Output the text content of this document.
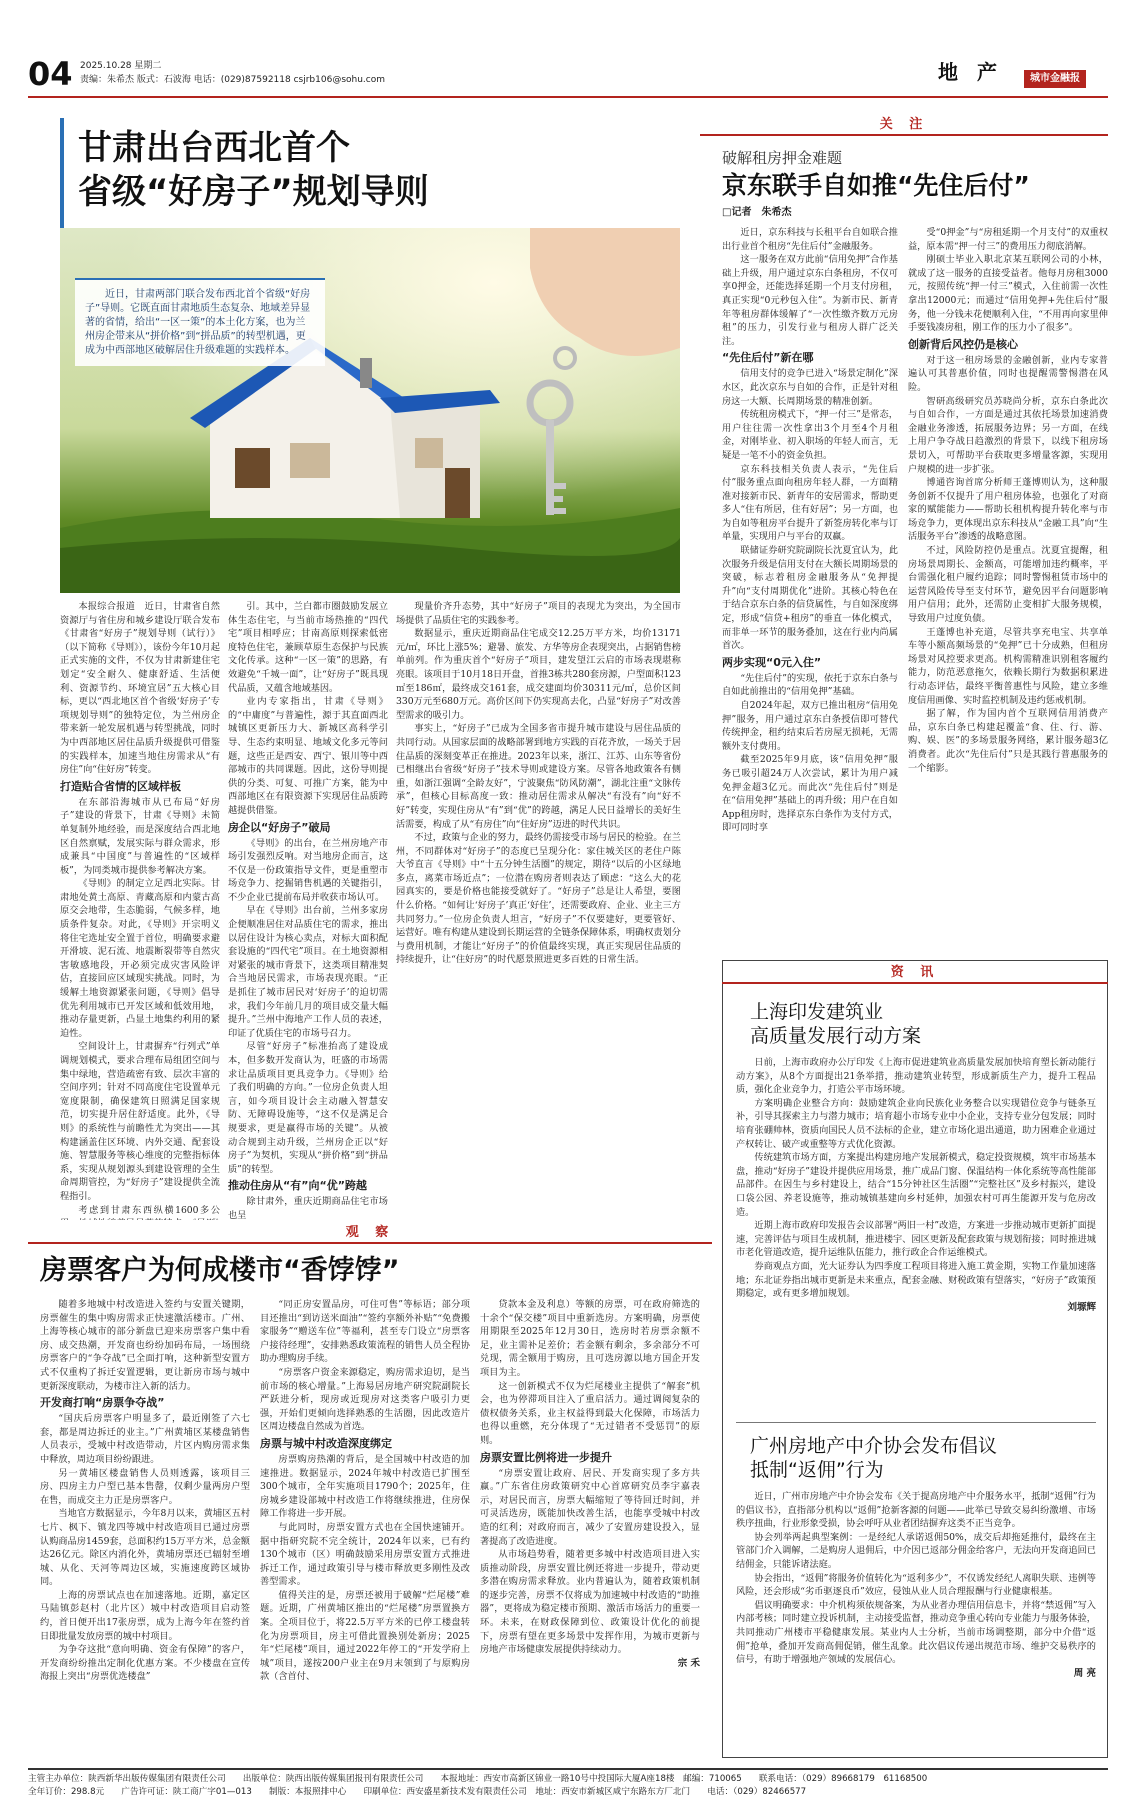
04 2025.10.28 星期二
责编：朱希杰 版式：石波海 电话：(029)87592118 csjrb106@sohu.com	地 产	城市金融报
甘肃出台西北首个
省级“好房子”规划导则

近日，甘肃两部门联合发布西北首个省级“好房子”导则。它既直面甘肃地质生态复杂、地域差异显著的省情，给出“一区一策”的本土化方案，也为兰州房企带来从“拼价格”到“拼品质”的转型机遇，更成为中西部地区破解居住升级难题的实践样本。

本报综合报道　近日，甘肃省自然资源厅与省住房和城乡建设厅联合发布《甘肃省“好房子”规划导则（试行）》（以下简称《导则》），该份今年10月起正式实施的文件，不仅为甘肃新建住宅划定“安全耐久、健康舒适、生活便利、资源节约、环境宜居”五大核心目标，更以“西北地区首个省级‘好房子’专项规划导则”的独特定位，为兰州房企带来新一轮发展机遇与转型挑战，同时为中西部地区居住品质升级提供可借鉴的实践样本，加速当地住房需求从“有房住”向“住好房”转变。

打造贴合省情的区域样板

在东部沿海城市从已布局“好房子”建设的背景下，甘肃《导则》未简单复制外地经验，而是深度结合西北地区自然禀赋，发展实际与群众需求，形成兼具“中国度”与普遍性的“区域样板”，为同类城市提供参考解决方案。

《导则》的制定立足西北实际。甘肃地处黄土高原、青藏高原和内蒙古高原交会地带，生态脆弱，气候多样，地质条件复杂。对此，《导则》开宗明义将住宅选址安全置于首位，明确要求避开滑坡、泥石流、地震断裂带等自然灾害敏感地段，开必须完成灾害风险评估，直接回应区域现实挑战。同时，为缓解土地资源紧张问题，《导则》倡导优先利用城市已开发区域和低效用地，推动存量更新，凸显土地集约利用的紧迫性。

空间设计上，甘肃摒弃“行列式”单调规划模式，要求合理布局组团空间与集中绿地，营造疏密有致、层次丰富的空间序列；针对不同高度住宅设置单元宽度限制，确保建筑日照满足国家规范，切实提升居住舒适度。此外，《导则》的系统性与前瞻性尤为突出——其构建涵盖住区环境、内外交通、配套设施、智慧服务等核心维度的完整指标体系，实现从规划源头到建设管理的全生命周期管控，为“好房子”建设提供全流程指引。

考虑到甘肃东西纵横1600多公

引。其中，兰白都市圈鼓励发展立体生态住宅，与当前市场热推的“四代宅”项目相呼应；甘南高原则探索低密度特色住宅，兼顾草原生态保护与民族文化传承。这种“一区一策”的思路，有效避免“千城一面”，让“好房子”既具现代品质，又蕴含地域基因。

业内专家指出，甘肃《导则》的“中庸度”与普遍性，源于其直面西北城镇区更新压力大、新城区高科学引导、生态约束明显、地域文化多元等问题，这些正是西安、西宁、银川等中西部城市的共同课题。因此，这份导则提供的分类、可复、可推广方案，能为中西部地区在有限资源下实现居住品质跨越提供借鉴。

房企以“好房子”破局

《导则》的出台，在兰州房地产市场引发强烈反响。对当地房企而言，这不仅是一份政策指导文件，更是重塑市场竞争力、挖掘销售机遇的关键指引，不少企业已提前布局并收获市场认可。

早在《导则》出台前，兰州多家房企便顺准居住对品质住宅的需求，推出以居住设计为核心卖点，对标大面积配套设施的“四代宅”项目。在土地资源相对紧张的城市背景下，这类项目精准契合当地居民需求，市场表现亮眼。“正是抓住了城市居民对‘好房子’的迫切需求，我们今年前几月的项目成交量大幅提升。”兰州中海地产工作人员的表述，印证了优质住宅的市场号召力。

尽管“好房子”标准抬高了建设成本，但多数开发商认为，旺盛的市场需求让品质项目更具竞争力。《导则》给了我们明确的方向。”一位房企负责人坦言，如今项目设计会主动融入智慧安防、无障碍设施等，“这不仅是满足合规要求，更是赢得市场的关键”。从被动合规到主动升级，兰州房企正以“好房子”为契机，实现从“拼价格”到“拼品质”的转型。

推动住房从“有”向“优”跨越

除甘肃外，重庆近期商品住宅市场也呈

现量价齐升态势，其中“好房子”项目的表现尤为突出，为全国市场提供了品质住宅的实践参考。

数据显示，重庆近期商品住宅成交12.25万平方米，均价13171元/㎡，环比上涨5%；避暑、旅发、方华等房企表现突出，占据销售榜单前列。作为重庆首个“好房子”项目，建发望江云启的市场表现堪称亮眼。该项目于10月18日开盘，首推3栋共280套房源，户型面积123㎡至186㎡，最终成交161套，成交建面均价30311元/㎡，总价区间330万元至680万元。高价区间下仍实现高去化，凸显“好房子”对改善型需求的吸引力。

事实上，“好房子”已成为全国多省市提升城市建设与居住品质的共同行动。从国家层面的战略部署到地方实践的百花齐放，一场关于居住品质的深刻变革正在推进。2023年以来，浙江、江苏、山东等省份已相继出台省级“好房子”技术导则或建设方案。尽管各地政策各有侧重，如浙江强调“全龄友好”，宁波聚焦“防风防潮”，湖北注重“文脉传承”，但核心目标高度一致：推动居住需求从解决“有没有”向“好不好”转变，实现住房从“有”到“优”的跨越，满足人民日益增长的美好生活需要，构成了从“有房住”向“住好房”迈进的时代共识。

不过，政策与企业的努力，最终仍需接受市场与居民的检验。在兰州，不同群体对“好房子”的态度已呈现分化：家住城关区的老住户陈大爷直言《导则》中“十五分钟生活圈”的规定，期待“以后的小区绿地多点，离菜市场近点”；一位潜在购房者则表达了顾虑：“这么大的花园真实的，要是价格也能接受就好了。“好房子”总是让人希望，要图什么价格。“如何让‘好房子’真正‘好住’，还需要政府、企业、业主三方共同努力。”一位房企负责人坦言，“好房子”不仅要建好，更要管好、运营好。唯有构建从建设到长期运营的全链条保障体系，明确权责划分与费用机制，才能让“好房子”的价值最终实现，真正实现居住品质的持续提升，让“住好房”的时代愿景照进更多百姓的日常生活。

关 注
破解租房押金难题
京东联手自如推“先住后付”
□记者　朱希杰

近日，京东科技与长租平台自如联合推出行业首个租房“先住后付”金融服务。

这一服务在双方此前“信用免押”合作基础上升级，用户通过京东白条租房，不仅可享0押金，还能选择延期一个月支付房租，真正实现“0元秒包入住”。为新市民、新青年等租房群体缓解了“一次性缴齐数万元房租”的压力，引发行业与租房人群广泛关注。

“先住后付”新在哪

信用支付的竞争已进入“场景定制化”深水区，此次京东与自如的合作，正是针对租房这一大额、长周期场景的精准创新。

传统租房模式下，“押一付三”是常态，用户往往需一次性拿出3个月至4个月租金，对刚毕业、初入职场的年轻人而言，无疑是一笔不小的资金负担。

京东科技相关负责人表示，“先住后付”服务重点面向租房年轻人群，一方面精准对接新市民、新青年的安居需求，帮助更多人“住有所居，住有好居”；另一方面，也为自如等租房平台提升了新签房转化率与订单量，实现用户与平台的双赢。

联储证券研究院副院长沈夏宜认为，此次服务升级是信用支付在大额长周期场景的突破，标志着租房金融服务从“免押提升”向“支付周期优化”进阶。其核心特色在于结合京东白条的信贷属性，与自如深度绑定，形成“信贷+租房”的垂直一体化模式，而非单一环节的服务叠加，这在行业内尚属首次。

两步实现“0元入住”

“先住后付”的实现，依托于京东白条与自如此前推出的“信用免押”基础。

自2024年起，双方已推出租房“信用免押”服务，用户通过京东白条授信即可替代传统押金，租约结束后若房屋无损耗，无需额外支付费用。

截至2025年9月底，该“信用免押”服务已吸引超24万人次尝试，累计为用户减免押金超3亿元。而此次“先住后付”则是在“信用免押”基础上的再升级；用户在自如App租房时，选择京东白条作为支付方式，即可同时享

受“0押金”与“房租延期一个月支付”的双重权益，原本需“押一付三”的费用压力彻底消解。

刚硕士毕业入职北京某互联网公司的小林，就成了这一服务的直接受益者。他每月房租3000元，按照传统“押一付三”模式，入住前需一次性拿出12000元；而通过“信用免押+先住后付”服务，他一分钱未花便顺利入住，“不用再向家里伸手要钱凑房租，刚工作的压力小了很多”。

创新背后风控仍是核心

对于这一租房场景的金融创新，业内专家普遍认可其普惠价值，同时也提醒需警惕潜在风险。

智研高级研究员苏晓尚分析，京东白条此次与自如合作，一方面是通过其依托场景加速消费金融业务渗透，拓展服务边界；另一方面，在线上用户争夺战日趋激烈的背景下，以线下租房场景切入，可帮助平台获取更多增量客源，实现用户规模的进一步扩张。

博通咨询首席分析师王蓬博则认为，这种服务创新不仅提升了用户租房体验，也强化了对商家的赋能能力——帮助长租机构提升转化率与市场竞争力，更体现出京东科技从“金融工具”向“生活服务平台”渗透的战略意图。

不过，风险防控仍是重点。沈夏宜提醒，租房场景周期长、金额高，可能增加违约概率，平台需强化租户履约追踪；同时警惕租赁市场中的运营风险传导至支付环节，避免因平台问题影响用户信用；此外，还需防止变相扩大服务规模，导致用户过度负债。

王蓬博也补充道，尽管共享充电宝、共享单车等小额高频场景的“免押”已十分成熟，但租房场景对风控要求更高。机构需精准识别租客履约能力，防范恶意拖欠，依赖长期行为数据积累进行动态评估，最终平衡普惠性与风险，建立多维度信用画像、实时监控机制及违约惩戒机制。

据了解，作为国内首个互联网信用消费产品，京东白条已构建起覆盖“食、住、行、游、购、娱、医”的多场景服务网络，累计服务超3亿消费者。此次“先住后付”只是其践行普惠服务的一个缩影。

资 讯
上海印发建筑业
高质量发展行动方案

日前，上海市政府办公厅印发《上海市促进建筑业高质量发展加快培育塑长新动能行动方案》，从8个方面提出21条举措，推动建筑业转型，形成新质生产力，提升工程品质，强化企业竞争力，打造公平市场环境。

方案明确企业整合方向：鼓励建筑企业向民族化业务整合以实现错位竞争与链条互补，引导其探索主力与潜力城市；培育超小市场专业中小企业，支持专业分包发展；同时培育张硼帅林，资质向国民人员不法标的企业，建立市场化退出通道，助力困难企业通过产权转让、破产或重整等方式优化资源。

传统建筑市场方面，方案提出构建房地产发展新模式，稳定投资规模，筑牢市场基本盘，推动“好房子”建设并提供应用场景，推广成品门窗、保温结构一体化系统等高性能部品部件。在因生与乡村建设上，结合“15分钟社区生活圈”“完整社区”及乡村振兴，建设口袋公园、养老设施等，推动城镇基建向乡村延伸，加强农村可再生能源开发与危房改造。

近期上海市政府印发报告会议部署“两旧一村”改造，方案进一步推动城市更新扩面提速，完善评估与项目生成机制，推进楼宇、园区更新及配套政策与规划衔接；同时推进城市老化管道改造，提升运维队伍能力，推行政企合作运维模式。

券商观点方面，光大证券认为四季度工程项目将进入施工黄金期，实物工作量加速落地；东北证券指出城市更新是未来重点，配套金融、财税政策有望落实，“好房子”政策预期稳定，或有更多增加规划。

刘塬辉
广州房地产中介协会发布倡议
抵制“返佣”行为

近日，广州市房地产中介协会发布《关于提高房地产中介服务水平，抵制“返佣”行为的倡议书》，直指部分机构以“返佣”抢新客源的问题——此举已导致交易纠纷激增、市场秩序扭曲，行业形象受损，协会呼吁从业者团结摒弃这类不正当竞争。

协会列举两起典型案例：一是经纪人承诺返佣50%，成交后却拖延推付，最终在主管部门介入调解，二是购房人退佣后，中介因已返部分佣金给客户，无法向开发商追回已结佣金，只能诉诸法庭。

协会指出，“返佣”将服务价值转化为“返利多少”，不仅诱发经纪人离职失联、违例等风险，还会形成“劣币驱逐良币”效应，侵蚀从业人员合理报酬与行业健康根基。

倡议明确要求：中介机构须依规备案，为从业者办理信用信息卡，并将“禁返佣”写入内部考核；同时建立投诉机制，主动接受监督，推动竞争重心转向专业能力与服务体验，共同推动广州楼市平稳健康发展。某业内人士分析，当前市场调整期，部分中介借“返佣”抢单，叠加开发商高佣促销，催生乱象。此次倡议传递出规范市场、维护交易秩序的信号，有助于增强地产领域的发展信心。

周 亮
观 察
房票客户为何成楼市“香饽饽”

随着多地城中村改造进入签约与安置关键期，房票催生的集中购房需求正快速激活楼市。广州、上海等核心城市的部分新盘已迎来房票客户集中看房、成交热潮，开发商也纷纷加码布局，一场围绕房票客户的“争夺战”已全面打响，这种新型安置方式不仅重构了拆迁安置逻辑，更让新房市场与城中更新深度联动，为楼市注入新的活力。

开发商打响“房票争夺战”

“国庆后房票客户明显多了，最近刚签了六七套，都是周边拆迁的业主。”广州黄埔区某楼盘销售人员表示，受城中村改造带动，片区内购房需求集中释放，周边项目纷纷跟进。

另一黄埔区楼盘销售人员则透露，该项目三房、四房主力户型已基本售罄，仅剩少量两房户型在售，而成交主力正是房票客户。

当地官方数据显示，今年8月以来，黄埔区五村七片、枫下、镇龙四等城中村改造项目已通过房票认购商品房1459套，总面积约15万平方米，总金额达26亿元。除区内消化外，黄埔房票还已辐射至增城、从化、天河等周边区域，实施速度跨区域协同。

上海的房票试点也在加速落地。近期，嘉定区马陆镇彭赵村（北片区）城中村改造项目启动签约，首日便开出17张房票，成为上海今年在签约首日即批量发放房票的城中村项目。

为争夺这批“意向明确、资金有保障”的客户，开发商纷纷推出定制化优惠方案。不少楼盘在宣传海报上突出“房票优选楼盘”

“同正房安置品房，可住可售”等标语；部分项目还推出“到访送米面油”“签约享额外补贴”“免费搬家服务”“赠送车位”等福利，甚至专门设立“房票客户接待经理”，安排熟悉政策流程的销售人员全程协助办理购房手续。

“房票客户资金来源稳定，购房需求迫切，是当前市场的核心增量。”上海易居房地产研究院副院长严跃进分析，现房或近现房对这类客户吸引力更强，开始们更倾向选择熟悉的生活圈，因此改造片区周边楼盘自然成为首选。

房票与城中村改造深度绑定

房票购房热潮的背后，是全国城中村改造的加速推进。数据显示，2024年城中村改造已扩围至300个城市，全年实施项目1790个；2025年，住房城乡建设部城中村改造工作将继续推进，住房保障工作将进一步开展。

与此同时，房票安置方式也在全国快速铺开。据中指研究院不完全统计，2024年以来，已有约130个城市（区）明确鼓励采用房票安置方式推进拆迁工作，通过政策引导与楼市释放更多刚性及改善型需求。

值得关注的是，房票还被用于破解“烂尾楼”难题。近期，广州黄埔区推出的“烂尾楼”房票置换方案。全项目位于，将22.5万平方米的已停工楼盘转化为房票项目，房主可借此置换别处新房；2025年“烂尾楼”项目，通过2022年停工的“开发学府上城”项目，遂按200户业主在9月末领到了与原购房款（含首付、

贷款本金及利息）等额的房票，可在政府筛选的十余个“保交楼”项目中重新选房。方案明确，房票使用期限至2025年12月30日，选房时若房票余额不足，业主需补足差价；若金额有剩余，多余部分不可兑现，需全额用于购房，且可选房源以地方国企开发项目为主。

这一创新模式不仅为烂尾楼业主提供了“解套”机会，也为停滞项目注入了重启活力。通过调阅复杂的债权债务关系，业主权益得到最大化保障，市场活力也得以重燃，充分体现了“无过错者不受惩罚”的原则。

房票安置比例将进一步提升

“房票安置让政府、居民、开发商实现了多方共赢。”广东省住房政策研究中心首席研究员李宇嘉表示，对居民而言，房票大幅缩短了等待回迁时间，并可灵活选房，既能加快改善生活，也能享受城中村改造的红利；对政府而言，减少了安置房建设投入，显著提高了改造进度。

从市场趋势看，随着更多城中村改造项目进入实质推动阶段，房票安置比例还将进一步提升，带动更多潜在购房需求释放。业内普遍认为，随着政策机制的逐步完善，房票不仅将成为加速城中村改造的“助推器”，更将成为稳定楼市预期、激活市场活力的重要一环。未来，在财政保障到位、政策设计优化的前提下，房票有望在更多场景中发挥作用，为城市更新与房地产市场健康发展提供持续动力。

宗 禾
主管主办单位：陕西新华出版传媒集团有限责任公司　　出版单位：陕西出版传媒集团报刊有限责任公司　　本报地址：西安市高新区锦业一路10号中投国际大厦A座18楼　邮编：710065　　联系电话：（029）89668179　61168500
全年订价：298.8元　　广告许可证：陕工商广字01—013　　制版：本报照排中心　　印刷单位：西安盛星新技术发有限责任公司　地址：西安市新城区咸宁东路东方厂北门　　电话：（029）82466577
